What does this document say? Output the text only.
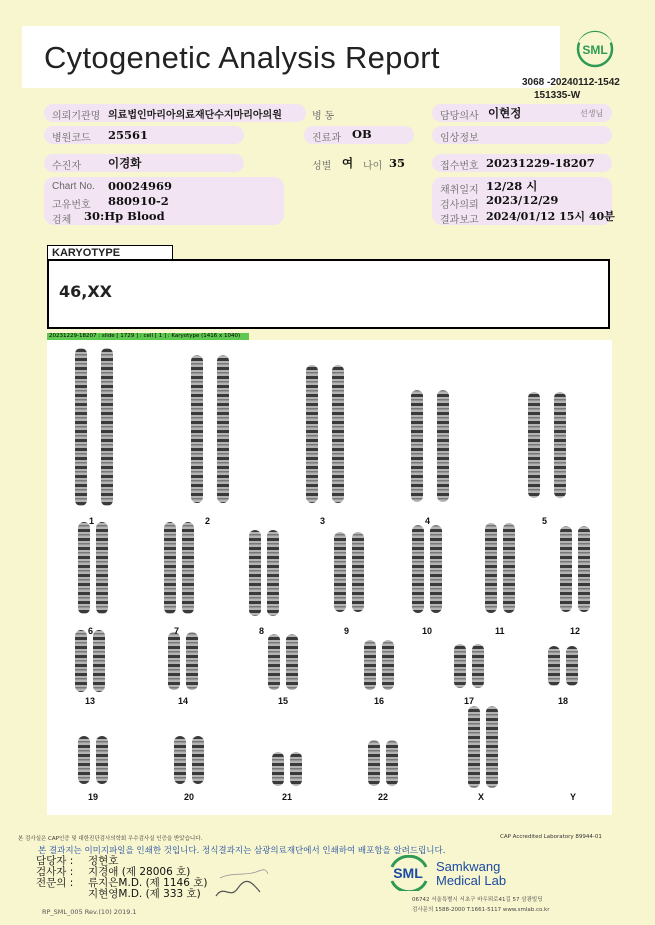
Cytogenetic Analysis Report	SML
3068 -20240112-1542
151335-W
의뢰기관명 의료법인마리아의료재단수지마리아의원	병 동	담당의사 이현정	선생님
병원코드 25561	진료과 OB	임상정보
수진자 이경화	성별 여 나이 35	접수번호 20231229-18207
Chart No. 00024969
고유번호 880910-2
검체 30:Hp Blood
채취일지 12/28 시
검사의뢰 2023/12/29
결과보고 2024/01/12 15시 40분
KARYOTYPE
46,XX
20231229-18207 : slide [ 1729 ] : cell [ 1 ] : Karyotype (1416 x 1040)
1	2	3	4	5
6	7	8	9	10	11	12
13	14	15	16	17	18
19	20	21	22	X	Y
본 검사실은 CAP인증 및 대한진단검사의학회 우수검사실 인증을 받았습니다.	CAP Accredited Laboratory 89944-01
본 결과지는 이미지파일을 인쇄한 것입니다. 정식결과지는 삼광의료재단에서 인쇄하여 배포함을 알려드립니다.
담당자 : 정현호
검사자 : 지경애 (제 28006 호)
전문의 : 류지은M.D. (제 1146 호)
지현영M.D. (제 333 호)
SML Samkwang
Medical Lab
06742 서울특별시 서초구 바우뫼로41길 57 삼광빌딩
검사문의 1588-2000 T.1661-5117 www.smlab.co.kr
RP_SML_005 Rev.(10) 2019.1
